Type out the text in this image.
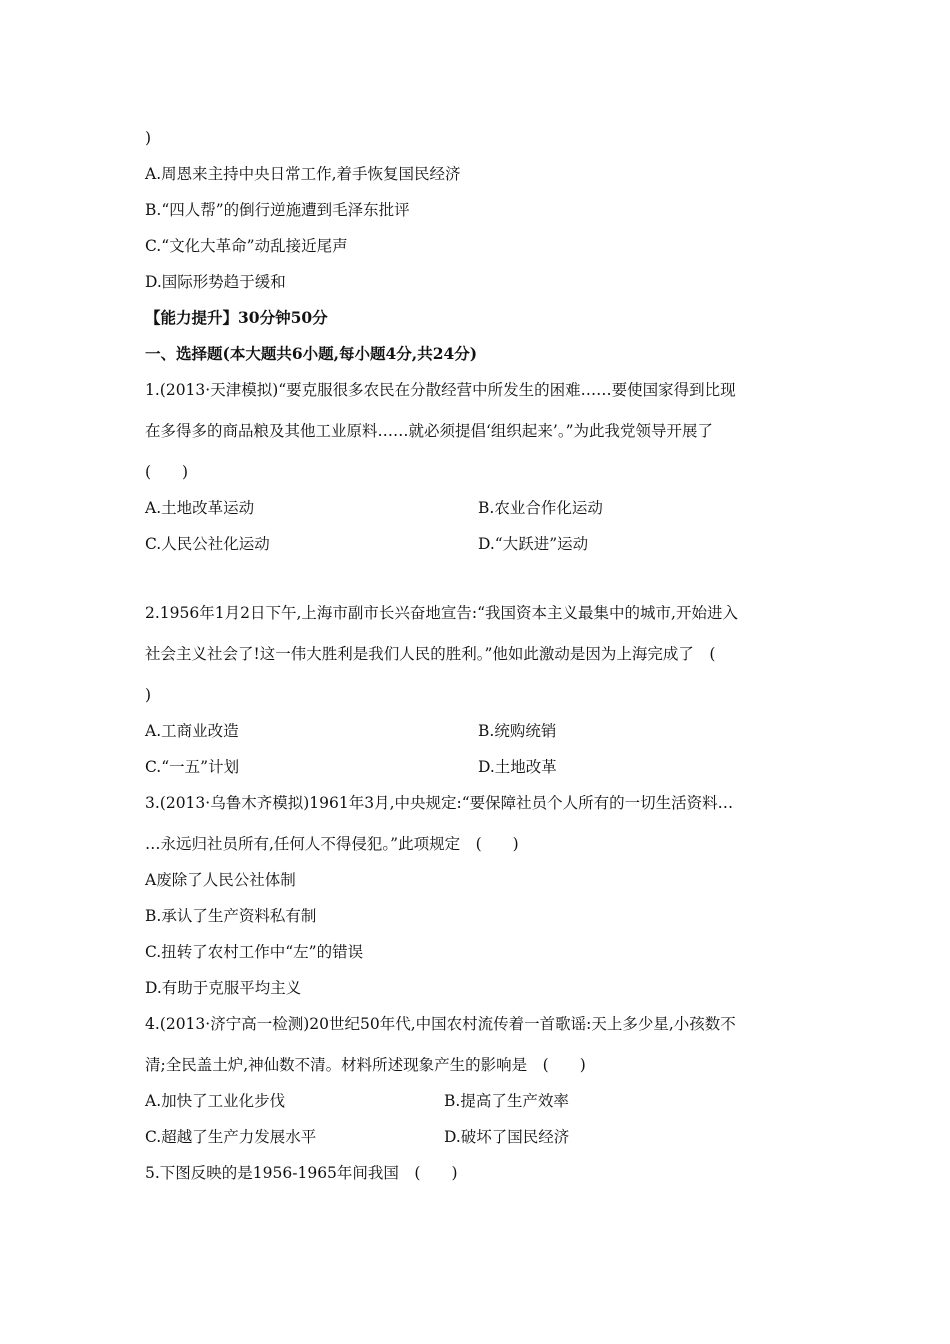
)
A.周恩来主持中央日常工作,着手恢复国民经济
B.“四人帮”的倒行逆施遭到毛泽东批评
C.“文化大革命”动乱接近尾声
D.国际形势趋于缓和
【能力提升】30分钟50分
一、选择题(本大题共6小题,每小题4分,共24分)
1.(2013·天津模拟)“要克服很多农民在分散经营中所发生的困难……要使国家得到比现
在多得多的商品粮及其他工业原料……就必须提倡‘组织起来’。”为此我党领导开展了
(　　)
A.土地改革运动	B.农业合作化运动
C.人民公社化运动	D.“大跃进”运动
2.1956年1月2日下午,上海市副市长兴奋地宣告:“我国资本主义最集中的城市,开始进入
社会主义社会了!这一伟大胜利是我们人民的胜利。”他如此激动是因为上海完成了　(
)
A.工商业改造	B.统购统销
C.“一五”计划	D.土地改革
3.(2013·乌鲁木齐模拟)1961年3月,中央规定:“要保障社员个人所有的一切生活资料…
…永远归社员所有,任何人不得侵犯。”此项规定　(　　)
A废除了人民公社体制
B.承认了生产资料私有制
C.扭转了农村工作中“左”的错误
D.有助于克服平均主义
4.(2013·济宁高一检测)20世纪50年代,中国农村流传着一首歌谣:天上多少星,小孩数不
清;全民盖土炉,神仙数不清。材料所述现象产生的影响是　(　　)
A.加快了工业化步伐	B.提高了生产效率
C.超越了生产力发展水平	D.破坏了国民经济
5.下图反映的是1956-1965年间我国　(　　)
